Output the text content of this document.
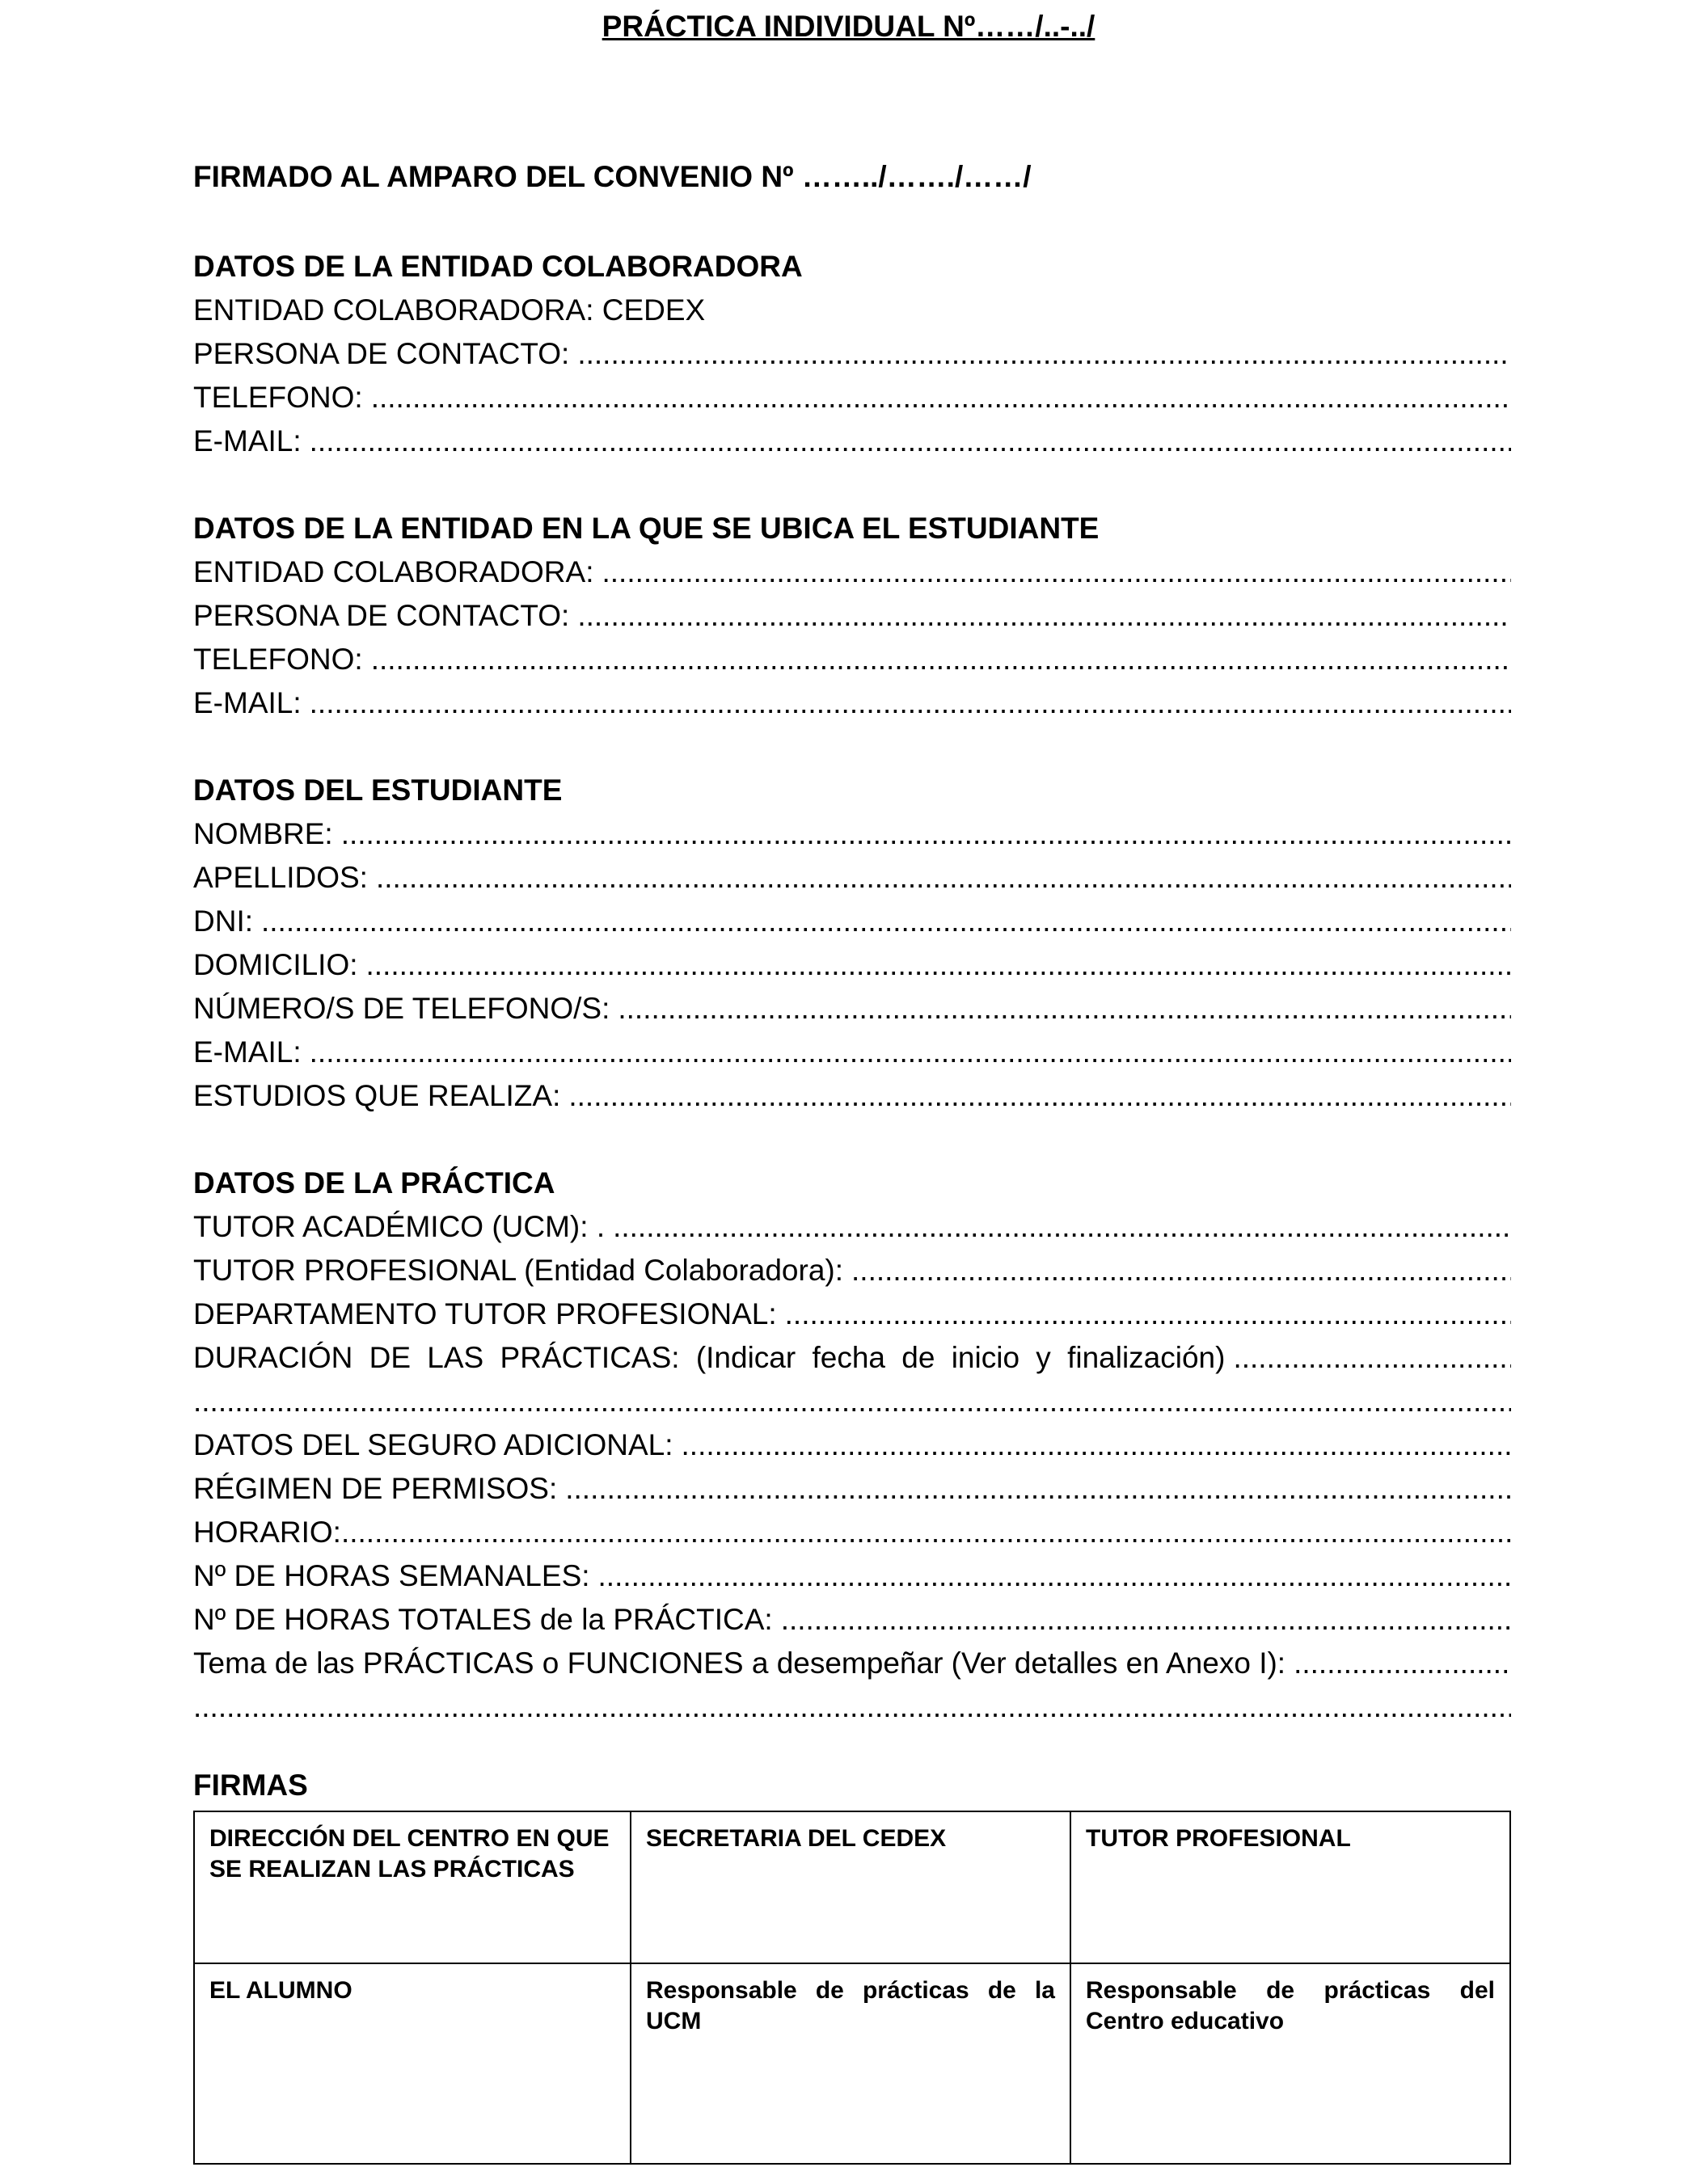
PRÁCTICA INDIVIDUAL Nº……/..-../
FIRMADO AL AMPARO DEL CONVENIO Nº ……../……./……/
DATOS DE LA ENTIDAD COLABORADORA
ENTIDAD COLABORADORA: CEDEX
PERSONA DE CONTACTO:
.....
TELEFONO:
.....
E-MAIL:
.....
DATOS DE LA ENTIDAD EN LA QUE SE UBICA EL ESTUDIANTE
ENTIDAD COLABORADORA:
.....
PERSONA DE CONTACTO:
.....
TELEFONO:
.....
E-MAIL:
.....
DATOS DEL ESTUDIANTE
NOMBRE:
.....
APELLIDOS:
.....
DNI:
.....
DOMICILIO:
.....
NÚMERO/S DE TELEFONO/S:
.....
E-MAIL:
.....
ESTUDIOS QUE REALIZA:
.....
DATOS DE LA PRÁCTICA
TUTOR ACADÉMICO (UCM): .
.....
TUTOR PROFESIONAL (Entidad Colaboradora):
.....
DEPARTAMENTO TUTOR PROFESIONAL:
.....
DURACIÓN DE LAS PRÁCTICAS: (Indicar fecha de inicio y finalización)
.....
.....
DATOS DEL SEGURO ADICIONAL:
.....
RÉGIMEN DE PERMISOS:
.....
HORARIO:
.....
Nº DE HORAS SEMANALES:
.....
Nº DE HORAS TOTALES de la PRÁCTICA:
.....
Tema de las PRÁCTICAS o FUNCIONES a desempeñar (Ver detalles en Anexo I):
.....
.....
FIRMAS
DIRECCIÓN DEL CENTRO EN QUE SE REALIZAN LAS PRÁCTICAS
SECRETARIA DEL CEDEX	TUTOR PROFESIONAL
EL ALUMNO	Responsable de prácticas de la UCM
Responsable de prácticas del Centro educativo
